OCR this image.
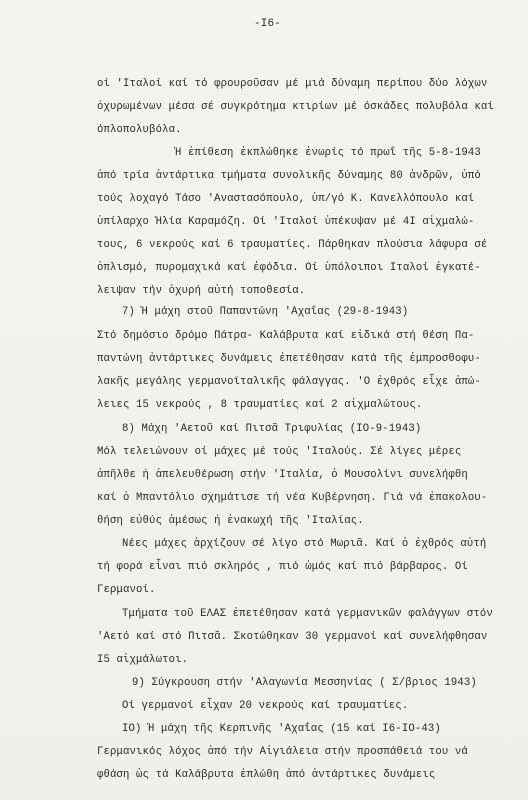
-I6-
οί 'Ιταλοί καί τό φρουροῦσαν μέ μιά δύναμη περίπου δύο λόχων
ὀχυρωμένων μέσα σέ συγκρότημα κτιρίων μέ όσκάδες πολυβόλα καί
όπλοπολυβόλα.
Ἡ ἐπίθεση ἐκπλώθηκε ἐνωρίς τό πρωΐ τῆς 5-8-1943
ἀπό τρία ἀντάρτικα τμήματα συνολικῆς δύναμης 80 ἀνδρῶν, ὑπό
τούς λοχαγό Τάσο 'Αναστασόπουλο, ὑπ/γό Κ. Κανελλόπουλο καί
ὑπίλαρχο Ἠλία Καραμόζη. Οί 'Ιταλοί ὑπέκυψαν μέ 4I αἰχμαλώ-
τους, 6 νεκρούς καί 6 τραυματίες. Πάρθηκαν πλούσια λάφυρα σέ
ὁπλισμό, πυρομαχικά καί ἐφόδια. Οί ὑπόλοιποι Ιταλοί ἐγκατέ-
λειψαν τήν ὀχυρή αὐτή τοποθεσία.
7) Ἡ μάχη στοῦ Παπαντώνη 'Αχαΐας (29-8-1943)
Στό δημόσιο δρόμο Πάτρα- Καλάβρυτα καί εἰδικά στή θέση Πα-
παντώνη ἀντάρτικες δυνάμεις ἐπετέθησαν κατά τῆς ἐμπροσθοφυ-
λακῆς μεγάλης γερμανοϊταλικῆς φάλαγγας. 'Ο ἐχθρός εἶχε ἀπώ-
λειες 15 νεκρούς , 8 τραυματίες καί 2 αἰχμαλώτους.
8) Μάχη 'Αετοῦ καί Πιτσᾶ Τριφυλίας (IO-9-1943)
Μόλ τελειώνουν οί μάχες μέ τούς 'Ιταλούς. Σέ λίγες μέρες
ἀπῆλθε ἡ ἀπελευθέρωση στήν 'Ιταλία, ὁ Μουσολίνι συνελήφθη
καί ὁ Μπαντόλιο σχημάτισε τή νέα Κυβέρνηση. Γιά νά ἐπακολου-
θήση εὐθύς ἀμέσως ἡ ἐνακωχή τῆς 'Ιταλίας.
Νέες μάχες ἀρχίζουν σέ λίγο στό Μωριᾶ. Καί ὁ ἐχθρός αὐτή
τή φορά εἶναι πιό σκληρός , πιό ὠμός καί πιό βάρβαρος. Οί
Γερμανοί.
Τμήματα τοῦ ΕΛΑΣ ἐπετέθησαν κατά γερμανικῶν φαλάγγων στόν
'Αετό καί στό Πιτσᾶ. Σκοτώθηκαν 30 γερμανοί καί συνελήφθησαν
I5 αἰχμάλωτοι.
9) Σύγκρουση στήν 'Αλαγωνία Μεσσηνίας ( Σ/βριος 1943)
Οί γερμανοί εἶχαν 20 νεκρούς καί τραυματίες.
IO) Ἡ μάχη τῆς Κερπινῆς 'Αχαΐας (15 καί I6-IO-43)
Γερμανικός λόχος ἀπό τήν Αἰγιάλεια στήν προσπάθειά του νά
φθάση ὡς τά Καλάβρυτα ἐπλώθη ἀπό ἀντάρτικες δυνάμεις
